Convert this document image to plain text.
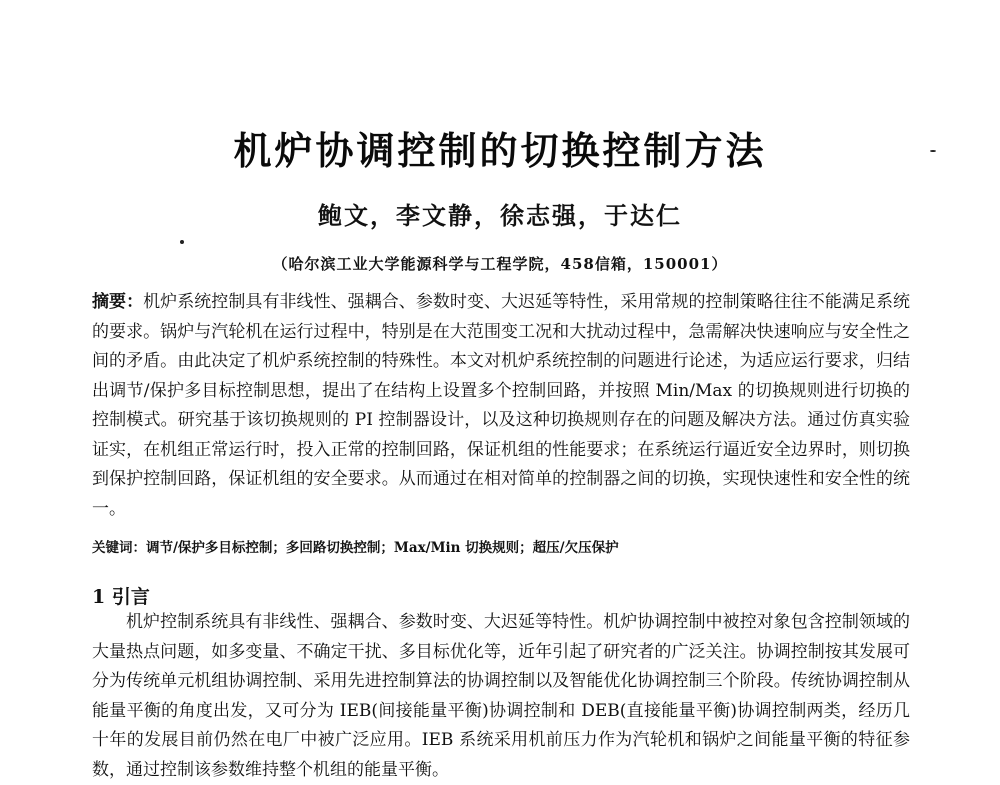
机炉协调控制的切换控制方法
鲍文，李文静，徐志强，于达仁
（哈尔滨工业大学能源科学与工程学院，458信箱，150001）

摘要：机炉系统控制具有非线性、强耦合、参数时变、大迟延等特性，采用常规的控制策略往往不能满足系统的要求。锅炉与汽轮机在运行过程中，特别是在大范围变工况和大扰动过程中，急需解决快速响应与安全性之间的矛盾。由此决定了机炉系统控制的特殊性。本文对机炉系统控制的问题进行论述，为适应运行要求，归结出调节/保护多目标控制思想，提出了在结构上设置多个控制回路，并按照 Min/Max 的切换规则进行切换的控制模式。研究基于该切换规则的 PI 控制器设计，以及这种切换规则存在的问题及解决方法。通过仿真实验证实，在机组正常运行时，投入正常的控制回路，保证机组的性能要求；在系统运行逼近安全边界时，则切换到保护控制回路，保证机组的安全要求。从而通过在相对简单的控制器之间的切换，实现快速性和安全性的统一。

关键词：调节/保护多目标控制；多回路切换控制；Max/Min 切换规则；超压/欠压保护

1 引言

机炉控制系统具有非线性、强耦合、参数时变、大迟延等特性。机炉协调控制中被控对象包含控制领域的大量热点问题，如多变量、不确定干扰、多目标优化等，近年引起了研究者的广泛关注。协调控制按其发展可分为传统单元机组协调控制、采用先进控制算法的协调控制以及智能优化协调控制三个阶段。传统协调控制从能量平衡的角度出发，又可分为 IEB(间接能量平衡)协调控制和 DEB(直接能量平衡)协调控制两类，经历几十年的发展目前仍然在电厂中被广泛应用。IEB 系统采用机前压力作为汽轮机和锅炉之间能量平衡的特征参数，通过控制该参数维持整个机组的能量平衡。
